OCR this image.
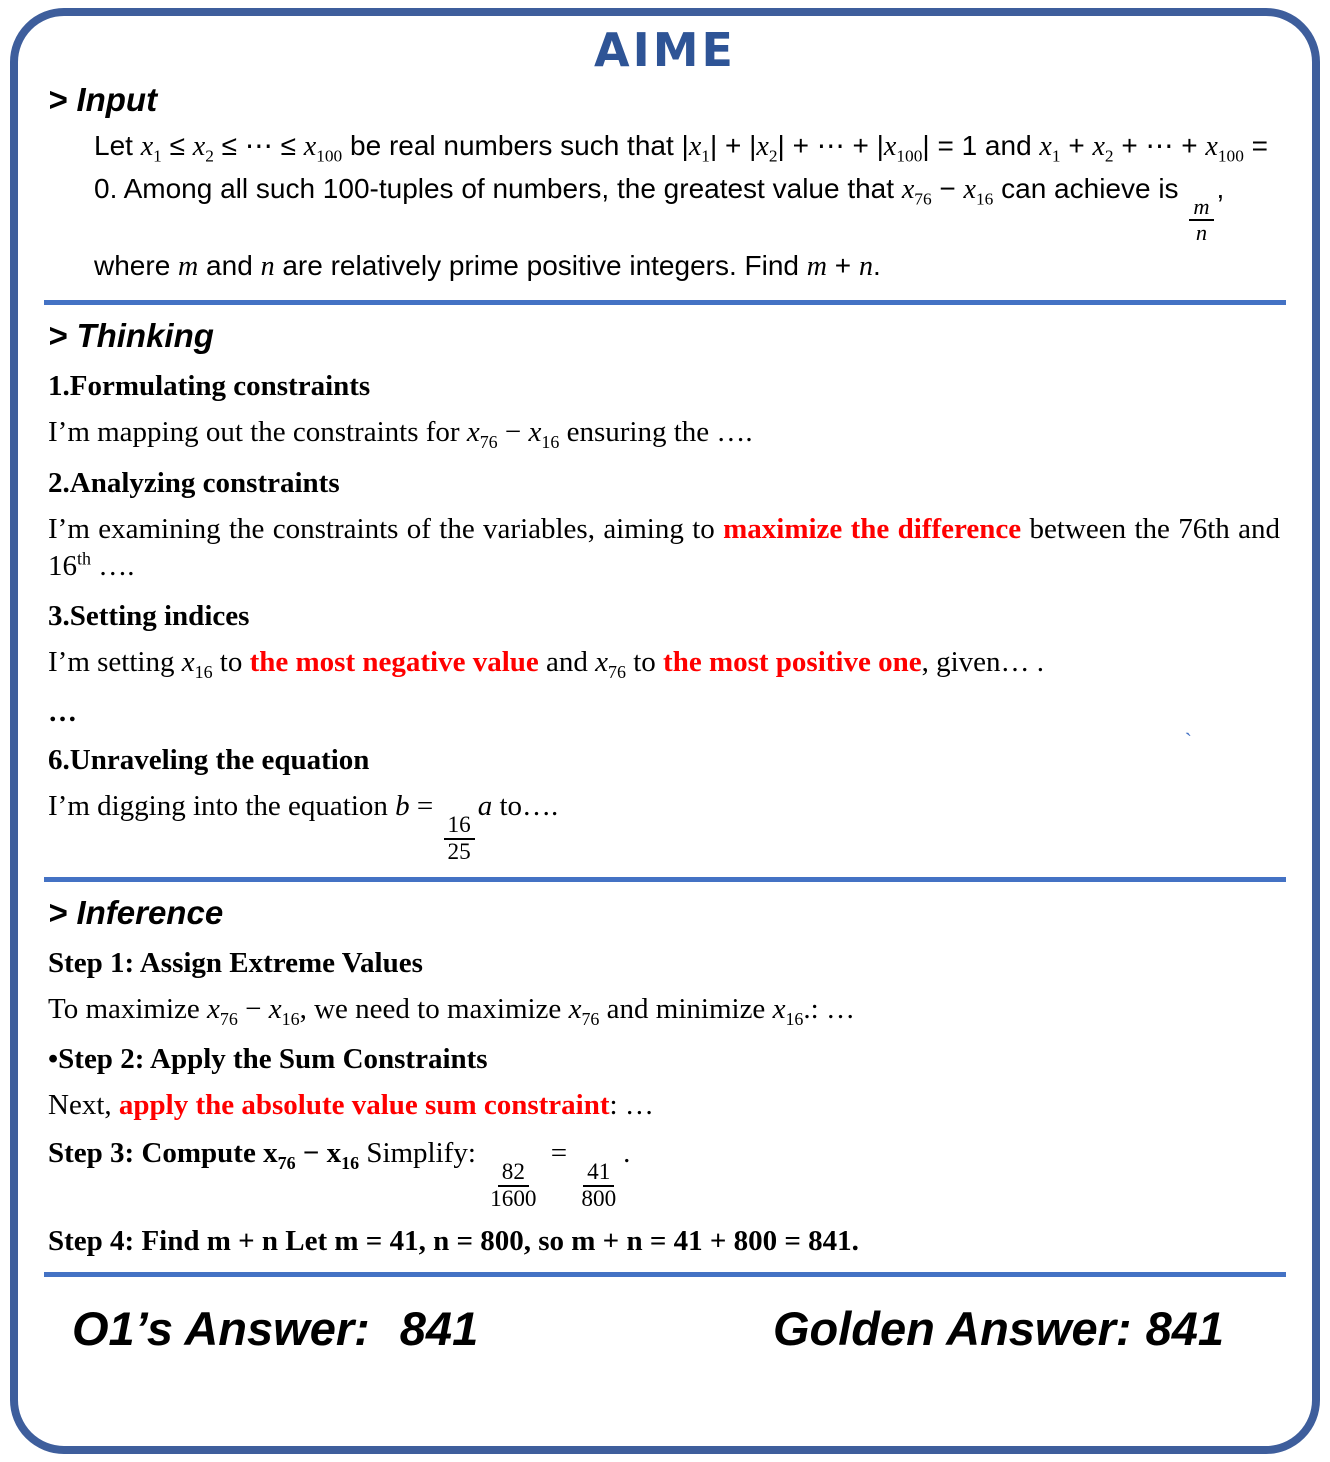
AIME
> Input
Let $x_1 \le x_2$ ≤ ⋯ ≤ $x_{100}$ be real numbers such that $|x_1| + |x_2|$ + ⋯ + $|x_{100}| = 1$ and $x_1 + x_2$ + ⋯ + $x_{100} = 0$. Among all such 100-tuples of numbers, the greatest value that $x_{76} - x_{16}$ can achieve is
$\frac{m}{n}$
, where m and n are relatively prime positive integers. Find m + n.
> Thinking
1.Formulating constraints
I’m mapping out the constraints for $x_{76} - x_{16}$ ensuring the ….
2.Analyzing constraints
I’m examining the constraints of the variables, aiming to maximize the difference between the 76th and 16th ….
3.Setting indices
I’m setting $x_{16}$ to the most negative value and $x_{76}$ to the most positive one, given… .
…
6.Unraveling the equation
I’m digging into the equation b =
$\frac{16}{25}$
a to….
> Inference
Step 1: Assign Extreme Values
To maximize $x_{76} - x_{16}$, we need to maximize $x_{76}$ and minimize $x_{16}$.: …
•Step 2: Apply the Sum Constraints
Next, apply the absolute value sum constraint: …
Step 3: Compute $x_{76} - x_{16}$ Simplify:
$\frac{82}{1600}$
=
$\frac{41}{800}$
.
Step 4: Find m + n Let m = 41, n = 800, so m + n = 41 + 800 = 841.
O1’s Answer: 841	Golden Answer: 841
`
